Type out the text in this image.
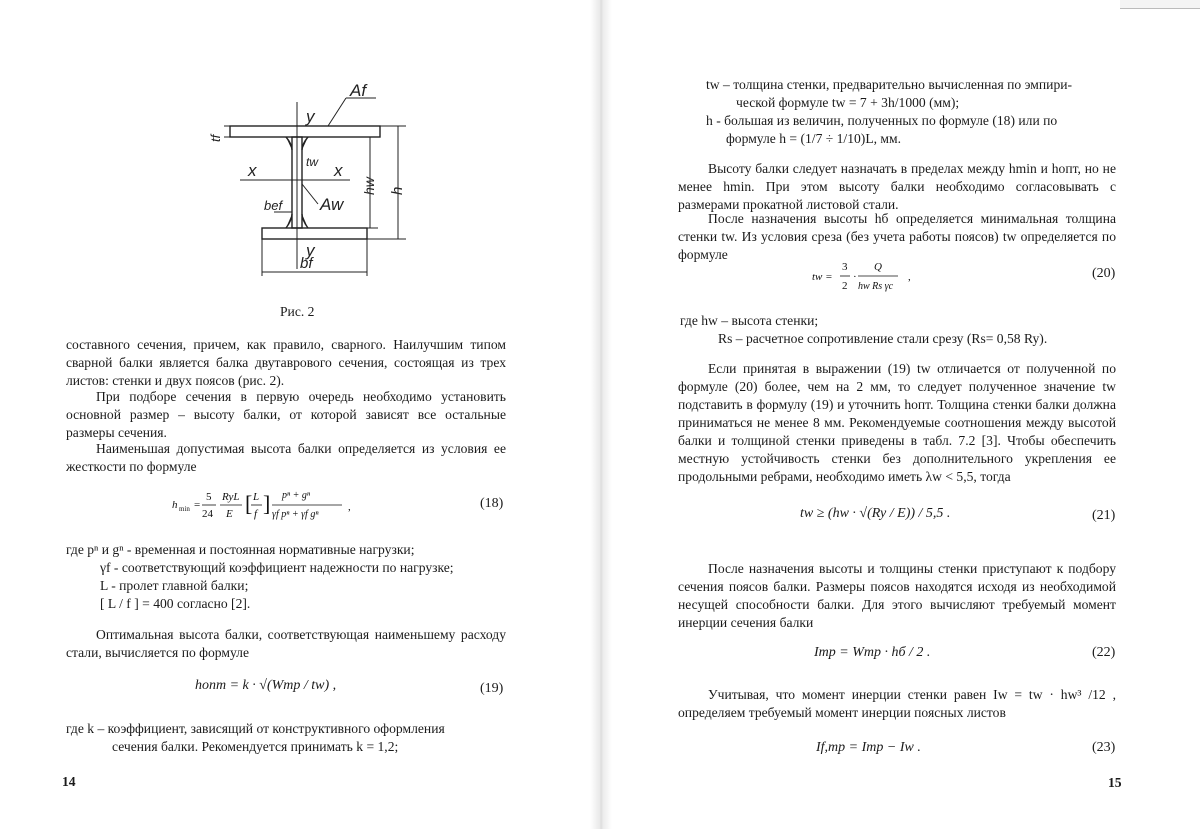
Af
y
tf
x	tw x
hw h
bef Aw
y
bf
Рис. 2

составного сечения, причем, как правило, сварного. Наилучшим типом сварной балки является балка двутаврового сечения, состоящая из трех листов: стенки и двух поясов (рис. 2).

При подборе сечения в первую очередь необходимо установить основной размер – высоту балки, от которой зависят все остальные размеры сечения.

Наименьшая допустимая высота балки определяется из условия ее жесткости по формуле

h min =
5
24
RyL
E [ L
f ] pⁿ + gⁿ
γf pⁿ + γf gⁿ
,	(18)
где pⁿ и gⁿ - временная и постоянная нормативные нагрузки;
γf - соответствующий коэффициент надежности по нагрузке;
L - пролет главной балки;
[ L / f ] = 400 согласно [2].

Оптимальная высота балки, соответствующая наименьшему расходу стали, вычисляется по формуле

hопт = k · √(Wтр / tw) ,	(19)
где k – коэффициент, зависящий от конструктивного оформления
сечения балки. Рекомендуется принимать k = 1,2;
14
tw – толщина стенки, предварительно вычисленная по эмпири-
ческой формуле tw = 7 + 3h/1000 (мм);
h - большая из величин, полученных по формуле (18) или по
формуле h = (1/7 ÷ 1/10)L, мм.

Высоту балки следует назначать в пределах между hmin и hопт, но не менее hmin. При этом высоту балки необходимо согласовывать с размерами прокатной листовой стали.

После назначения высоты hб определяется минимальная толщина стенки tw. Из условия среза (без учета работы поясов) tw определяется по формуле

tw =
3
2
·
Q
hw Rs γc
,	(20)
где hw – высота стенки;
Rs – расчетное сопротивление стали срезу (Rs= 0,58 Ry).

Если принятая в выражении (19) tw отличается от полученной по формуле (20) более, чем на 2 мм, то следует полученное значение tw подставить в формулу (19) и уточнить hопт. Толщина стенки балки должна приниматься не менее 8 мм. Рекомендуемые соотношения между высотой балки и толщиной стенки приведены в табл. 7.2 [3]. Чтобы обеспечить местную устойчивость стенки без дополнительного укрепления ее продольными ребрами, необходимо иметь λw < 5,5, тогда

tw ≥ (hw · √(Ry / E)) / 5,5 .	(21)

После назначения высоты и толщины стенки приступают к подбору сечения поясов балки. Размеры поясов находятся исходя из необходимой несущей способности балки. Для этого вычисляют требуемый момент инерции сечения балки

Iтр = Wтр · hб / 2 .	(22)

Учитывая, что момент инерции стенки равен Iw = tw · hw³ /12 , определяем требуемый момент инерции поясных листов

If,тр = Iтр − Iw .	(23)
15
